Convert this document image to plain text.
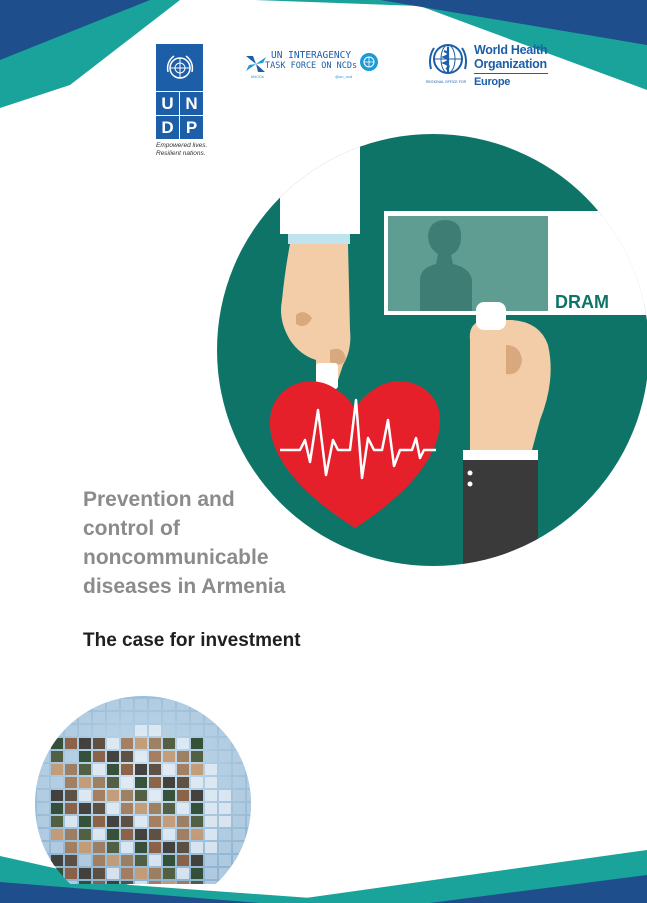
U N
D P
Empowered lives.
Resilient nations.
UN INTERAGENCY
TASK FORCE ON NCDs
#NCDs	@un_ncd
World Health
Organization
Europe
REGIONAL OFFICE FOR
DRAM
Prevention and
control of
noncommunicable
diseases in Armenia
The case for investment
